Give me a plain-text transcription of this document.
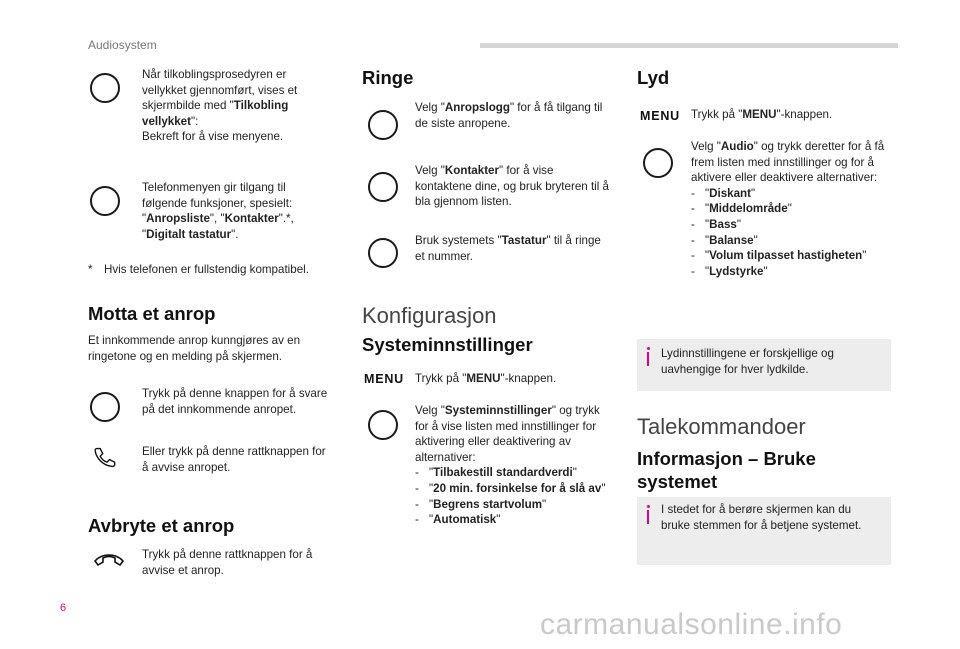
Audiosystem
Når tilkoblingsprosedyren er vellykket gjennomført, vises et skjermbilde med "Tilkobling vellykket":
Bekreft for å vise menyene.
Telefonmenyen gir tilgang til følgende funksjoner, spesielt: "Anropsliste", "Kontakter".*, "Digitalt tastatur".
* Hvis telefonen er fullstendig kompatibel.
Motta et anrop
Et innkommende anrop kunngjøres av en ringetone og en melding på skjermen.
Trykk på denne knappen for å svare på det innkommende anropet.
Eller trykk på denne rattknappen for å avvise anropet.
Avbryte et anrop
Trykk på denne rattknappen for å avvise et anrop.
Ringe
Velg "Anropslogg" for å få tilgang til de siste anropene.
Velg "Kontakter" for å vise kontaktene dine, og bruk bryteren til å bla gjennom listen.
Bruk systemets "Tastatur" til å ringe et nummer.
Konfigurasjon
Systeminnstillinger
MENU Trykk på "MENU"-knappen.
Velg "Systeminnstillinger" og trykk for å vise listen med innstillinger for aktivering eller deaktivering av alternativer:
- "Tilbakestill standardverdi"
- "20 min. forsinkelse for å slå av"
- "Begrens startvolum"
- "Automatisk"
Lyd
MENU Trykk på "MENU"-knappen.
Velg "Audio" og trykk deretter for å få frem listen med innstillinger og for å aktivere eller deaktivere alternativer:
- "Diskant"
- "Middelområde"
- "Bass"
- "Balanse"
- "Volum tilpasset hastigheten"
- "Lydstyrke"
Lydinnstillingene er forskjellige og uavhengige for hver lydkilde.
Talekommandoer
Informasjon – Bruke
systemet
I stedet for å berøre skjermen kan du bruke stemmen for å betjene systemet.
6	carmanualsonline.info
